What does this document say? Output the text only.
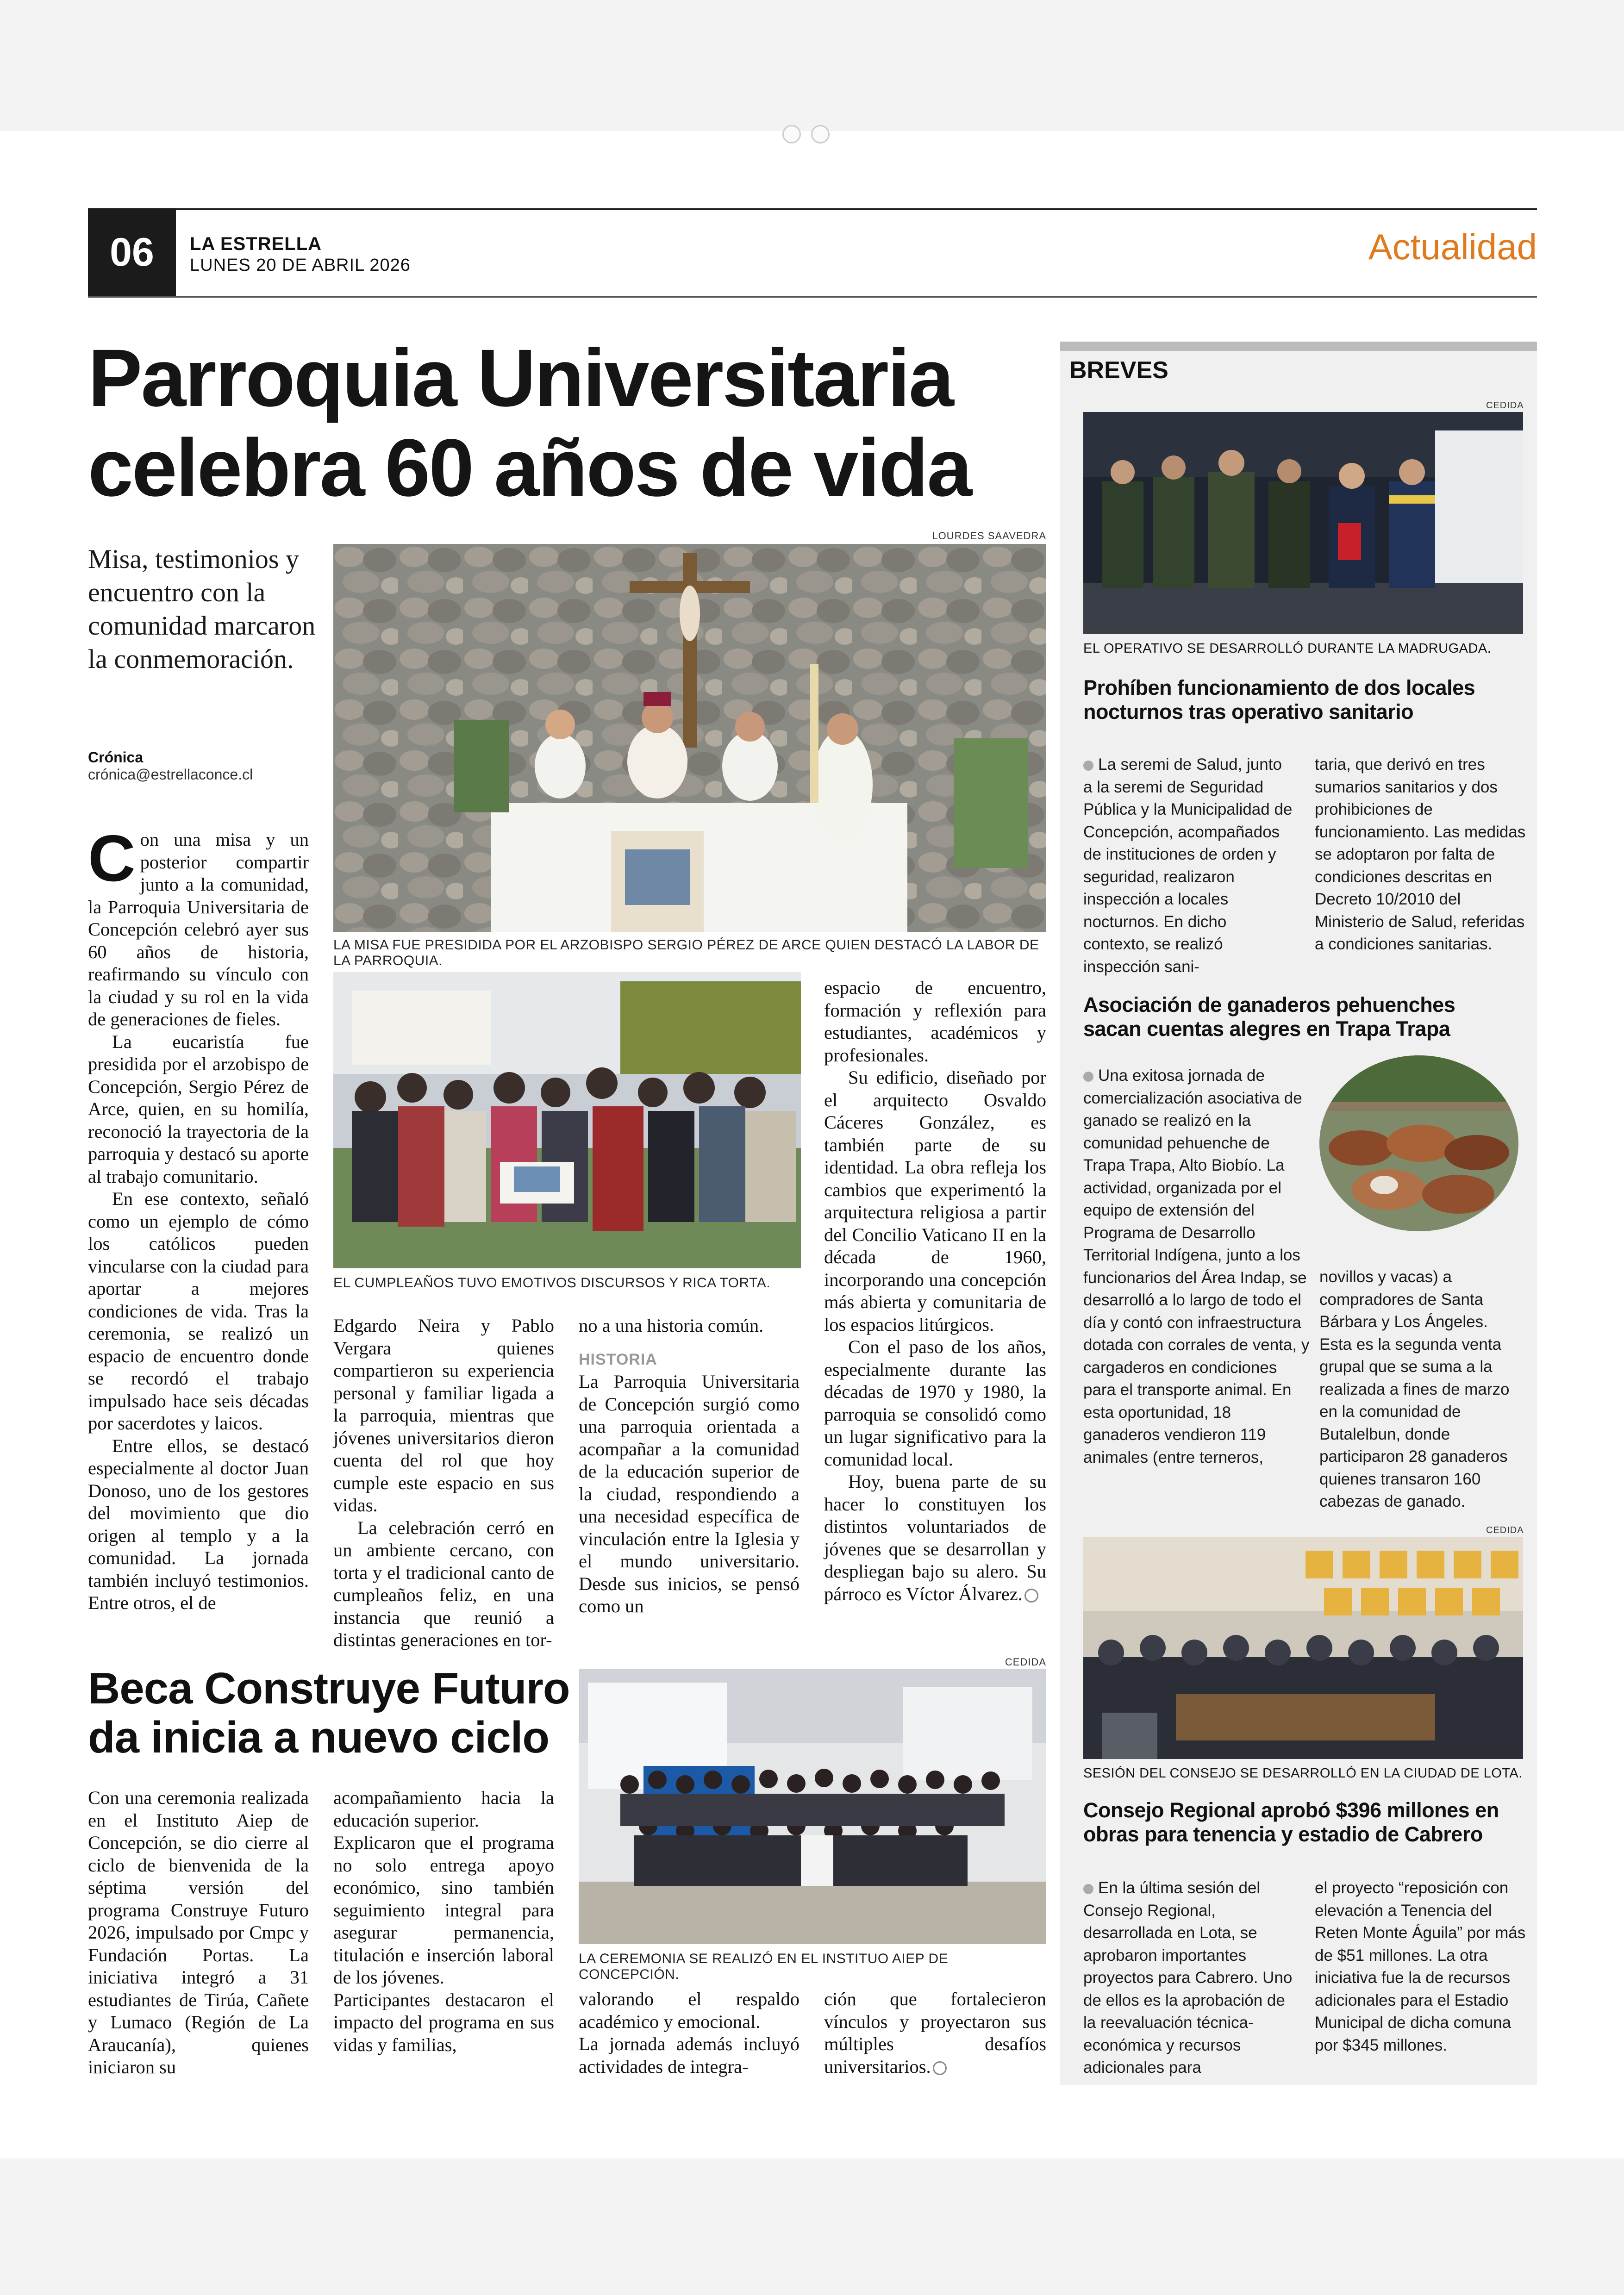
06	LA ESTRELLA
LUNES 20 DE ABRIL 2026	Actualidad
Parroquia Universitaria
celebra 60 años de vida
Misa, testimonios y encuentro con la comunidad marcaron la conmemoración.
Crónica
crónica@estrellaconce.cl
LOURDES SAAVEDRA
LA MISA FUE PRESIDIDA POR EL ARZOBISPO SERGIO PÉREZ DE ARCE QUIEN DESTACÓ LA LABOR DE LA PARROQUIA.
EL CUMPLEAÑOS TUVO EMOTIVOS DISCURSOS Y RICA TORTA.

Con una misa y un posterior compartir junto a la comunidad, la Parroquia Universitaria de Concepción celebró ayer sus 60 años de historia, reafirmando su vínculo con la ciudad y su rol en la vida de generaciones de fieles.

La eucaristía fue presidida por el arzobispo de Concepción, Sergio Pérez de Arce, quien, en su homilía, reconoció la trayectoria de la parroquia y destacó su aporte al trabajo comunitario.

En ese contexto, señaló como un ejemplo de cómo los católicos pueden vincularse con la ciudad para aportar a mejores condiciones de vida. Tras la ceremonia, se realizó un espacio de encuentro donde se recordó el trabajo impulsado hace seis décadas por sacerdotes y laicos.

Entre ellos, se destacó especialmente al doctor Juan Donoso, uno de los gestores del movimiento que dio origen al templo y a la comunidad. La jornada también incluyó testimonios. Entre otros, el de

Edgardo Neira y Pablo Vergara quienes compartieron su experiencia personal y familiar ligada a la parroquia, mientras que jóvenes universitarios dieron cuenta del rol que hoy cumple este espacio en sus vidas.

La celebración cerró en un ambiente cercano, con torta y el tradicional canto de cumpleaños feliz, en una instancia que reunió a distintas generaciones en tor-

no a una historia común.

HISTORIA

La Parroquia Universitaria de Concepción surgió como una parroquia orientada a acompañar a la comunidad de la educación superior de la ciudad, respondiendo a una necesidad específica de vinculación entre la Iglesia y el mundo universitario. Desde sus inicios, se pensó como un

espacio de encuentro, formación y reflexión para estudiantes, académicos y profesionales.

Su edificio, diseñado por el arquitecto Osvaldo Cáceres González, es también parte de su identidad. La obra refleja los cambios que experimentó la arquitectura religiosa a partir del Concilio Vaticano II en la década de 1960, incorporando una concepción más abierta y comunitaria de los espacios litúrgicos.

Con el paso de los años, especialmente durante las décadas de 1970 y 1980, la parroquia se consolidó como un lugar significativo para la comunidad local.

Hoy, buena parte de su hacer lo constituyen los distintos voluntariados de jóvenes que se desarrollan y despliegan bajo su alero. Su párroco es Víctor Álvarez.

Beca Construye Futuro
da inicia a nuevo ciclo
CEDIDA
LA CEREMONIA SE REALIZÓ EN EL INSTITUO AIEP DE CONCEPCIÓN.

Con una ceremonia realizada en el Instituto Aiep de Concepción, se dio cierre al ciclo de bienvenida de la séptima versión del programa Construye Futuro 2026, impulsado por Cmpc y Fundación Portas. La iniciativa integró a 31 estudiantes de Tirúa, Cañete y Lumaco (Región de La Araucanía), quienes iniciaron su

acompañamiento hacia la educación superior.

Explicaron que el programa no solo entrega apoyo económico, sino también seguimiento integral para asegurar permanencia, titulación e inserción laboral de los jóvenes.

Participantes destacaron el impacto del programa en sus vidas y familias,

valorando el respaldo académico y emocional.

La jornada además incluyó actividades de integra-

ción que fortalecieron vínculos y proyectaron sus múltiples desafíos universitarios.

BREVES
CEDIDA
EL OPERATIVO SE DESARROLLÓ DURANTE LA MADRUGADA.
Prohíben funcionamiento de dos locales
nocturnos tras operativo sanitario

La seremi de Salud, junto a la seremi de Seguridad Pública y la Municipalidad de Concepción, acompañados de instituciones de orden y seguridad, realizaron inspección a locales nocturnos. En dicho contexto, se realizó inspección sani-

taria, que derivó en tres sumarios sanitarios y dos prohibiciones de funcionamiento. Las medidas se adoptaron por falta de condiciones descritas en Decreto 10/2010 del Ministerio de Salud, referidas a condiciones sanitarias.

Asociación de ganaderos pehuenches
sacan cuentas alegres en Trapa Trapa

Una exitosa jornada de comercialización asociativa de ganado se realizó en la comunidad pehuenche de Trapa Trapa, Alto Biobío. La actividad, organizada por el equipo de extensión del Programa de Desarrollo Territorial Indígena, junto a los funcionarios del Área Indap, se desarrolló a lo largo de todo el día y contó con infraestructura dotada con corrales de venta, y cargaderos en condiciones para el transporte animal. En esta oportunidad, 18 ganaderos vendieron 119 animales (entre terneros,

novillos y vacas) a compradores de Santa Bárbara y Los Ángeles.

Esta es la segunda venta grupal que se suma a la realizada a fines de marzo en la comunidad de Butalelbun, donde participaron 28 ganaderos quienes transaron 160 cabezas de ganado.

CEDIDA
SESIÓN DEL CONSEJO SE DESARROLLÓ EN LA CIUDAD DE LOTA.
Consejo Regional aprobó $396 millones en
obras para tenencia y estadio de Cabrero

En la última sesión del Consejo Regional, desarrollada en Lota, se aprobaron importantes proyectos para Cabrero. Uno de ellos es la aprobación de la reevaluación técnica- económica y recursos adicionales para

el proyecto “reposición con elevación a Tenencia del Reten Monte Águila” por más de $51 millones. La otra iniciativa fue la de recursos adicionales para el Estadio Municipal de dicha comuna por $345 millones.
